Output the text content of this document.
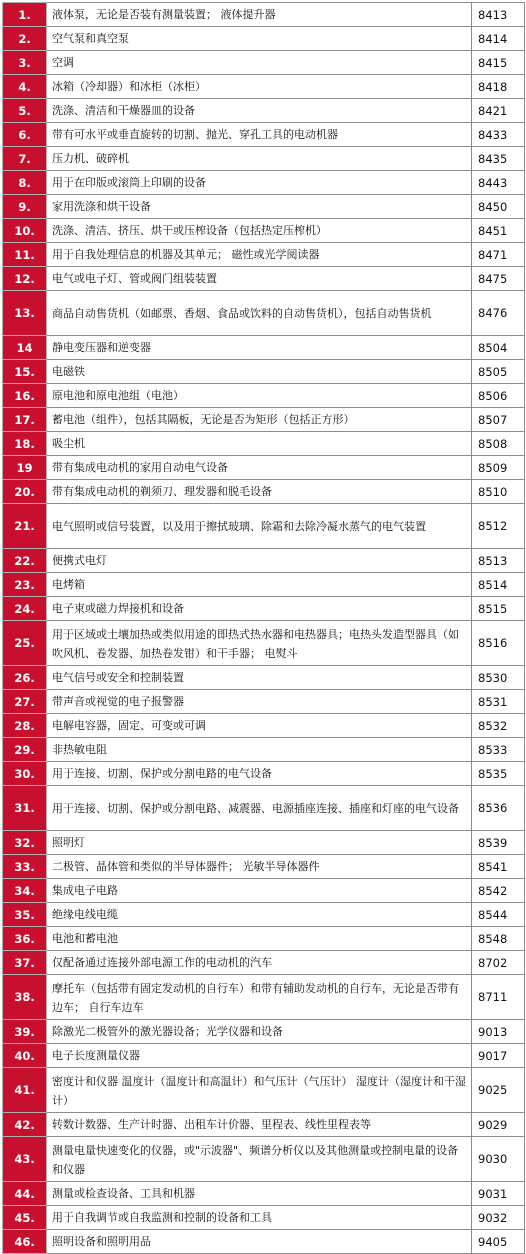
1.	液体泵，无论是否装有测量装置； 液体提升器	8413
2.	空气泵和真空泵	8414
3.	空调	8415
4.	冰箱（冷却器）和冰柜（冰柜）	8418
5.	洗涤、清洁和干燥器皿的设备	8421
6.	带有可水平或垂直旋转的切割、抛光、穿孔工具的电动机器	8433
7.	压力机、破碎机	8435
8.	用于在印版或滚筒上印刷的设备	8443
9.	家用洗涤和烘干设备	8450
10.	洗涤、清洁、挤压、烘干或压榨设备（包括热定压榨机）	8451
11.	用于自我处理信息的机器及其单元； 磁性或光学阅读器	8471
12.	电气或电子灯、管或阀门组装装置	8475
13.	商品自动售货机（如邮票、香烟、食品或饮料的自动售货机），包括自动售货机	8476
14	静电变压器和逆变器	8504
15.	电磁铁	8505
16.	原电池和原电池组（电池）	8506
17.	蓄电池（组件），包括其隔板，无论是否为矩形（包括正方形）	8507
18.	吸尘机	8508
19	带有集成电动机的家用自动电气设备	8509
20.	带有集成电动机的剃须刀、理发器和脱毛设备	8510
21.	电气照明或信号装置，以及用于擦拭玻璃、除霜和去除冷凝水蒸气的电气装置	8512
22.	便携式电灯	8513
23.	电烤箱	8514
24.	电子束或磁力焊接机和设备	8515
25.	用于区域或土壤加热或类似用途的即热式热水器和电热器具；电热头发造型器具（如吹风机、卷发器、加热卷发钳）和干手器； 电熨斗	8516
26.	电气信号或安全和控制装置	8530
27.	带声音或视觉的电子报警器	8531
28.	电解电容器，固定、可变或可调	8532
29.	非热敏电阻	8533
30.	用于连接、切割、保护或分割电路的电气设备	8535
31.	用于连接、切割、保护或分割电路、减震器、电源插座连接、插座和灯座的电气设备	8536
32.	照明灯	8539
33.	二极管、晶体管和类似的半导体器件； 光敏半导体器件	8541
34.	集成电子电路	8542
35.	绝缘电线电缆	8544
36.	电池和蓄电池	8548
37.	仅配备通过连接外部电源工作的电动机的汽车	8702
38.	摩托车（包括带有固定发动机的自行车）和带有辅助发动机的自行车，无论是否带有边车； 自行车边车	8711
39.	除激光二极管外的激光器设备；光学仪器和设备	9013
40.	电子长度测量仪器	9017
41.	密度计和仪器 温度计（温度计和高温计）和气压计（气压计） 湿度计（湿度计和干湿计）	9025
42.	转数计数器、生产计时器、出租车计价器、里程表、线性里程表等	9029
43.	测量电量快速变化的仪器，或"示波器"、频谱分析仪以及其他测量或控制电量的设备和仪器	9030
44.	测量或检查设备、工具和机器	9031
45.	用于自我调节或自我监测和控制的设备和工具	9032
46.	照明设备和照明用品	9405
